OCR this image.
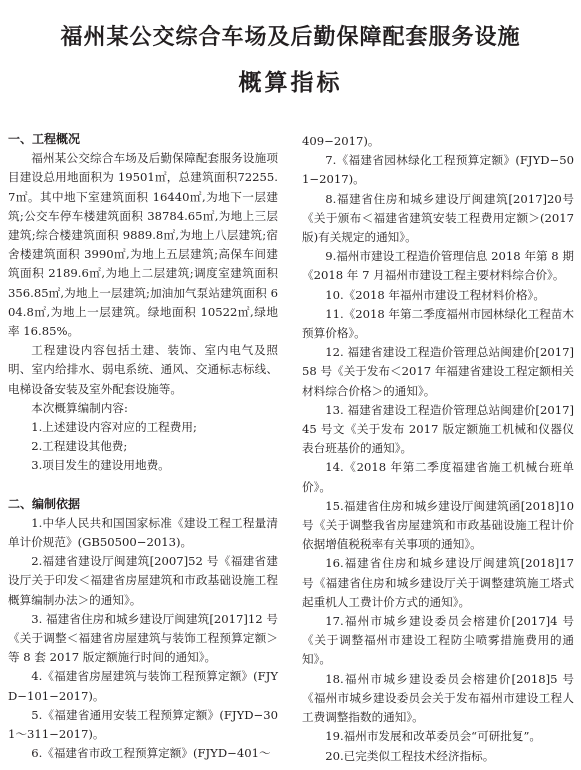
福州某公交综合车场及后勤保障配套服务设施
概算指标

一、工程概况

福州某公交综合车场及后勤保障配套服务设施项目建设总用地面积为 19501㎡，总建筑面积72255.7㎡。其中地下室建筑面积 16440㎡,为地下一层建筑;公交车停车楼建筑面积 38784.65㎡,为地上三层建筑;综合楼建筑面积 9889.8㎡,为地上八层建筑;宿舍楼建筑面积 3990㎡,为地上五层建筑;高保车间建筑面积 2189.6㎡,为地上二层建筑;调度室建筑面积 356.85㎡,为地上一层建筑;加油加气泵站建筑面积 604.8㎡,为地上一层建筑。绿地面积 10522㎡,绿地率 16.85%。

工程建设内容包括土建、装饰、室内电气及照明、室内给排水、弱电系统、通风、交通标志标线、电梯设备安装及室外配套设施等。

本次概算编制内容:

1.上述建设内容对应的工程费用;

2.工程建设其他费;

3.项目发生的建设用地费。

二、编制依据

1.中华人民共和国国家标准《建设工程工程量清单计价规范》(GB50500−2013)。

2.福建省建设厅闽建筑[2007]52 号《福建省建设厅关于印发＜福建省房屋建筑和市政基础设施工程概算编制办法＞的通知》。

3. 福建省住房和城乡建设厅闽建筑[2017]12 号《关于调整＜福建省房屋建筑与装饰工程预算定额＞等 8 套 2017 版定额施行时间的通知》。

4.《福建省房屋建筑与装饰工程预算定额》(FJYD−101−2017)。

5.《福建省通用安装工程预算定额》(FJYD−301～311−2017)。

6.《福建省市政工程预算定额》(FJYD−401～

409−2017)。

7.《福建省园林绿化工程预算定额》(FJYD−501−2017)。

8.福建省住房和城乡建设厅闽建筑[2017]20号《关于颁布＜福建省建筑安装工程费用定额＞(2017 版)有关规定的通知》。

9.福州市建设工程造价管理信息 2018 年第 8 期《2018 年 7 月福州市建设工程主要材料综合价》。

10.《2018 年福州市建设工程材料价格》。

11.《2018 年第二季度福州市园林绿化工程苗木预算价格》。

12. 福建省建设工程造价管理总站闽建价[2017]58 号《关于发布＜2017 年福建省建设工程定额相关材料综合价格＞的通知》。

13. 福建省建设工程造价管理总站闽建价[2017]45 号文《关于发布 2017 版定额施工机械和仪器仪表台班基价的通知》。

14.《2018 年第二季度福建省施工机械台班单价》。

15.福建省住房和城乡建设厅闽建筑函[2018]10 号《关于调整我省房屋建筑和市政基础设施工程计价依据增值税税率有关事项的通知》。

16.福建省住房和城乡建设厅闽建筑[2018]17 号《福建省住房和城乡建设厅关于调整建筑施工塔式起重机人工费计价方式的通知》。

17.福州市城乡建设委员会榕建价[2017]4 号《关于调整福州市建设工程防尘喷雾措施费用的通知》。

18.福州市城乡建设委员会榕建价[2018]5 号《福州市城乡建设委员会关于发布福州市建设工程人工费调整指数的通知》。

19.福州市发展和改革委员会“可研批复”。

20.已完类似工程技术经济指标。
